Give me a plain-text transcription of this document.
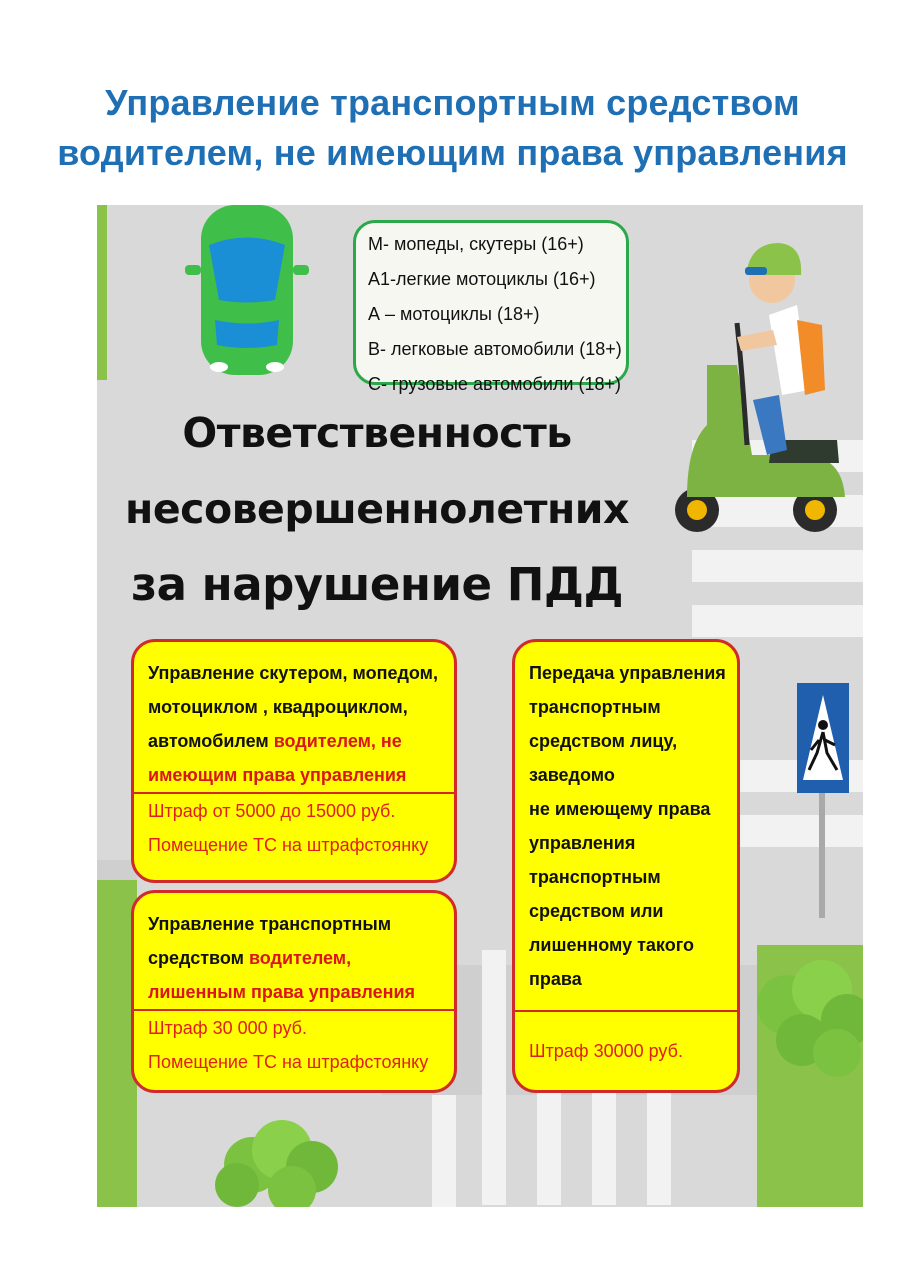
Управление транспортным средством
водителем, не имеющим права управления
М- мопеды, скутеры (16+)
А1-легкие мотоциклы (16+)
А – мотоциклы (18+)
В- легковые автомобили (18+)
С- грузовые автомобили (18+)
Ответственность
несовершеннолетних
за нарушение ПДД
Управление скутером, мопедом, мотоциклом , квадроциклом, автомобилем водителем, не имеющим права управления
Штраф от 5000 до 15000 руб.
Помещение ТС на штрафстоянку
Управление транспортным средством водителем, лишенным права управления
Штраф 30 000 руб.
Помещение ТС на штрафстоянку
Передача управления
транспортным
средством лицу,
заведомо
не имеющему права
управления
транспортным
средством или
лишенному такого
права
Штраф 30000 руб.
